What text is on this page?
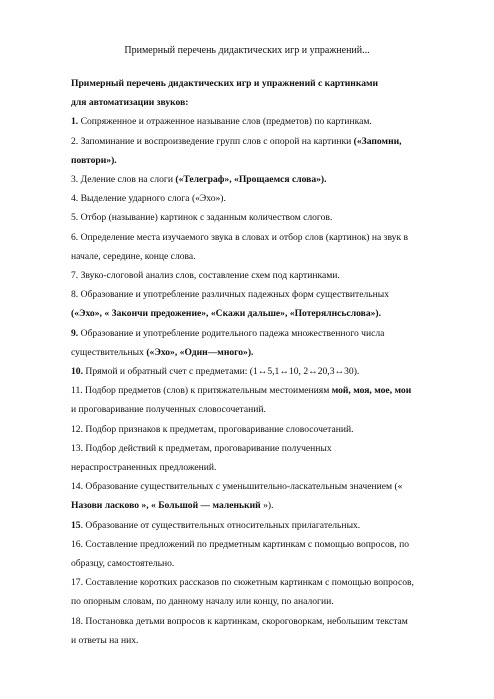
Примерный перечень дидактических игр и упражнений...
Примерный перечень дидактических игр и упражнений с картинками
для автоматизации звуков:
1. Сопряженное и отраженное называние слов (предметов) по картинкам.
2. Запоминание и воспроизведение групп слов с опорой на картинки («Запомни,
повтори»).
3. Деление слов на слоги («Телеграф», «Прощаемся слова»).
4. Выделение ударного слога («Эхо»).
5. Отбор (называние) картинок с заданным количеством слогов.
6. Определение места изучаемого звука в словах и отбор слов (картинок) на звук в
начале, середине, конце слова.
7. Звуко-слоговой анализ слов, составление схем под картинками.
8. Образование и употребление различных падежных форм существительных
(«Эхо», « Закончи предожение», «Скажи дальше», «Потерялнсьслова»).
9. Образование и употребление родительного падежа множественного числа
существительных («Эхо», «Один—много»).
10. Прямой и обратный счет с предметами: (1↔5,1↔10, 2↔20,3↔30).
11. Подбор предметов (слов) к притяжательным местоимениям мой, моя, мое, мои
и проговаривание полученных словосочетаний.
12. Подбор признаков к предметам, проговаривание словосочетаний.
13. Подбор действий к предметам, проговаривание полученных
нераспространенных предложений.
14. Образование существительных с уменьшительно-ласкательным значением («
Назови ласково », « Большой — маленький »).
15. Образование от существительных относительных прилагательных.
16. Составление предложений по предметным картинкам с помощью вопросов, по
образцу, самостоятельно.
17. Составление коротких рассказов по сюжетным картинкам с помощью вопросов,
по опорным словам, по данному началу или концу, по аналогии.
18. Постановка детьми вопросов к картинкам, скороговоркам, небольшим текстам
и ответы на них.
